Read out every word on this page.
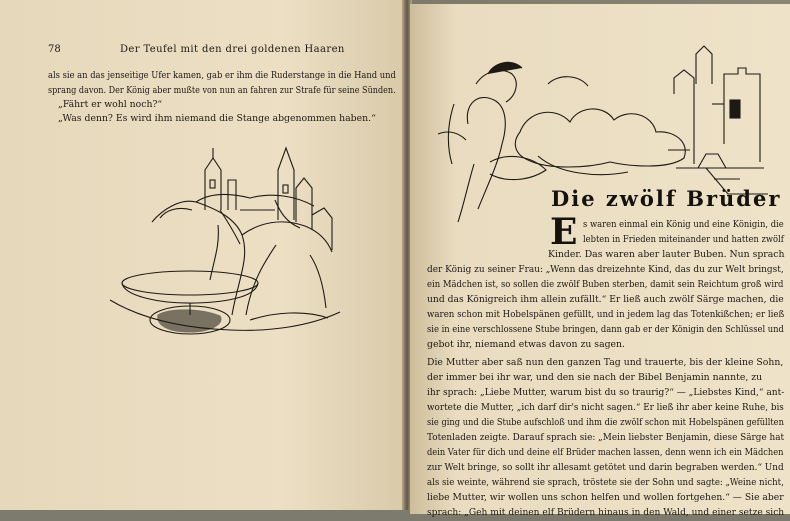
78	Der Teufel mit den drei goldenen Haaren
als sie an das jenseitige Ufer kamen, gab er ihm die Ruderstange in die Hand und
sprang davon. Der König aber mußte von nun an fahren zur Strafe für seine Sünden.
„Fährt er wohl noch?“
„Was denn? Es wird ihm niemand die Stange abgenommen haben.“
Die zwölf Brüder
E s waren einmal ein König und eine Königin, die
lebten in Frieden miteinander und hatten zwölf
Kinder. Das waren aber lauter Buben. Nun sprach
der König zu seiner Frau: „Wenn das dreizehnte Kind, das du zur Welt bringst,
ein Mädchen ist, so sollen die zwölf Buben sterben, damit sein Reichtum groß wird
und das Königreich ihm allein zufällt.“ Er ließ auch zwölf Särge machen, die
waren schon mit Hobelspänen gefüllt, und in jedem lag das Totenkißchen; er ließ
sie in eine verschlossene Stube bringen, dann gab er der Königin den Schlüssel und
gebot ihr, niemand etwas davon zu sagen.
Die Mutter aber saß nun den ganzen Tag und trauerte, bis der kleine Sohn,
der immer bei ihr war, und den sie nach der Bibel Benjamin nannte, zu
ihr sprach: „Liebe Mutter, warum bist du so traurig?“ — „Liebstes Kind,“ ant-
wortete die Mutter, „ich darf dir's nicht sagen.“ Er ließ ihr aber keine Ruhe, bis
sie ging und die Stube aufschloß und ihm die zwölf schon mit Hobelspänen gefüllten
Totenladen zeigte. Darauf sprach sie: „Mein liebster Benjamin, diese Särge hat
dein Vater für dich und deine elf Brüder machen lassen, denn wenn ich ein Mädchen
zur Welt bringe, so sollt ihr allesamt getötet und darin begraben werden.“ Und
als sie weinte, während sie sprach, tröstete sie der Sohn und sagte: „Weine nicht,
liebe Mutter, wir wollen uns schon helfen und wollen fortgehen.“ — Sie aber
sprach: „Geh mit deinen elf Brüdern hinaus in den Wald, und einer setze sich
